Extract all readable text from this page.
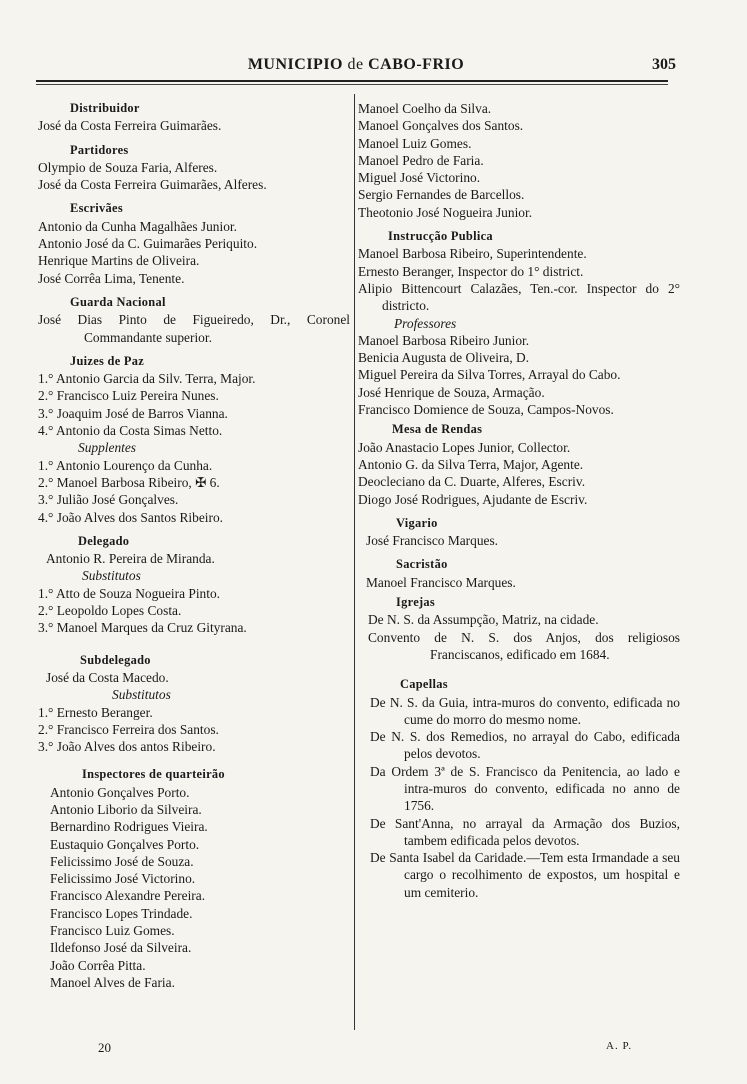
MUNICIPIO de CABO-FRIO	305
Distribuidor
José da Costa Ferreira Guimarães.
Partidores
Olympio de Souza Faria, Alferes.
José da Costa Ferreira Guimarães, Alferes.
Escrivães
Antonio da Cunha Magalhães Junior.
Antonio José da C. Guimarães Periquito.
Henrique Martins de Oliveira.
José Corrêa Lima, Tenente.
Guarda Nacional
José Dias Pinto de Figueiredo, Dr., Coronel Commandante superior.
Juizes de Paz
1.° Antonio Garcia da Silv. Terra, Major.
2.° Francisco Luiz Pereira Nunes.
3.° Joaquim José de Barros Vianna.
4.° Antonio da Costa Simas Netto.
Supplentes
1.° Antonio Lourenço da Cunha.
2.° Manoel Barbosa Ribeiro, ✠ 6.
3.° Julião José Gonçalves.
4.° João Alves dos Santos Ribeiro.
Delegado
Antonio R. Pereira de Miranda.
Substitutos
1.° Atto de Souza Nogueira Pinto.
2.° Leopoldo Lopes Costa.
3.° Manoel Marques da Cruz Gityrana.
Subdelegado
José da Costa Macedo.
Substitutos
1.° Ernesto Beranger.
2.° Francisco Ferreira dos Santos.
3.° João Alves dos antos Ribeiro.
Inspectores de quarteirão
Antonio Gonçalves Porto.
Antonio Liborio da Silveira.
Bernardino Rodrigues Vieira.
Eustaquio Gonçalves Porto.
Felicissimo José de Souza.
Felicissimo José Victorino.
Francisco Alexandre Pereira.
Francisco Lopes Trindade.
Francisco Luiz Gomes.
Ildefonso José da Silveira.
João Corrêa Pitta.
Manoel Alves de Faria.
Manoel Coelho da Silva.
Manoel Gonçalves dos Santos.
Manoel Luiz Gomes.
Manoel Pedro de Faria.
Miguel José Victorino.
Sergio Fernandes de Barcellos.
Theotonio José Nogueira Junior.
Instrucção Publica
Manoel Barbosa Ribeiro, Superintendente.
Ernesto Beranger, Inspector do 1° district.
Alipio Bittencourt Calazães, Ten.-cor. Inspector do 2° districto.
Professores
Manoel Barbosa Ribeiro Junior.
Benicia Augusta de Oliveira, D.
Miguel Pereira da Silva Torres, Arrayal do Cabo.
José Henrique de Souza, Armação.
Francisco Domience de Souza, Campos-Novos.
Mesa de Rendas
João Anastacio Lopes Junior, Collector.
Antonio G. da Silva Terra, Major, Agente.
Deocleciano da C. Duarte, Alferes, Escriv.
Diogo José Rodrigues, Ajudante de Escriv.
Vigario
José Francisco Marques.
Sacristão
Manoel Francisco Marques.
Igrejas
De N. S. da Assumpção, Matriz, na cidade.
Convento de N. S. dos Anjos, dos religiosos Franciscanos, edificado em 1684.
Capellas
De N. S. da Guia, intra-muros do convento, edificada no cume do morro do mesmo nome.
De N. S. dos Remedios, no arrayal do Cabo, edificada pelos devotos.
Da Ordem 3ª de S. Francisco da Penitencia, ao lado e intra-muros do convento, edificada no anno de 1756.
De Sant'Anna, no arrayal da Armação dos Buzios, tambem edificada pelos devotos.
De Santa Isabel da Caridade.—Tem esta Irmandade a seu cargo o recolhimento de expostos, um hospital e um cemiterio.
20	A. P.
